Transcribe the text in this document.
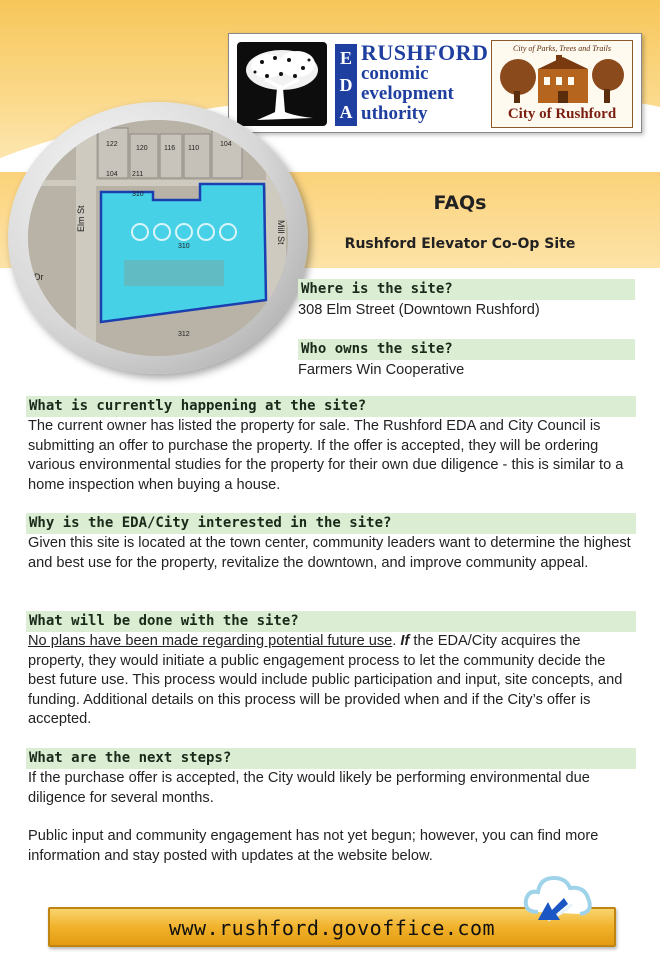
E
D
A
RUSHFORD
conomic
evelopment
uthority
City of Parks, Trees and Trails
City of Rushford
Elm St
Mill St
Dr
122
120 116 110
104
104 211
310
310
312
FAQs
Rushford Elevator Co-Op Site
Where is the site?
308 Elm Street (Downtown Rushford)
Who owns the site?
Farmers Win Cooperative
What is currently happening at the site?
The current owner has listed the property for sale. The Rushford EDA and City Council is submitting an offer to purchase the property. If the offer is accepted, they will be ordering various environmental studies for the property for their own due diligence - this is similar to a home inspection when buying a house.
Why is the EDA/City interested in the site?
Given this site is located at the town center, community leaders want to determine the highest and best use for the property, revitalize the downtown, and improve community appeal.
What will be done with the site?
No plans have been made regarding potential future use. If the EDA/City acquires the property, they would initiate a public engagement process to let the community decide the best future use. This process would include public participation and input, site concepts, and funding. Additional details on this process will be provided when and if the City’s offer is accepted.
What are the next steps?
If the purchase offer is accepted, the City would likely be performing environmental due diligence for several months.
Public input and community engagement has not yet begun; however, you can find more information and stay posted with updates at the website below.
www.rushford.govoffice.com
